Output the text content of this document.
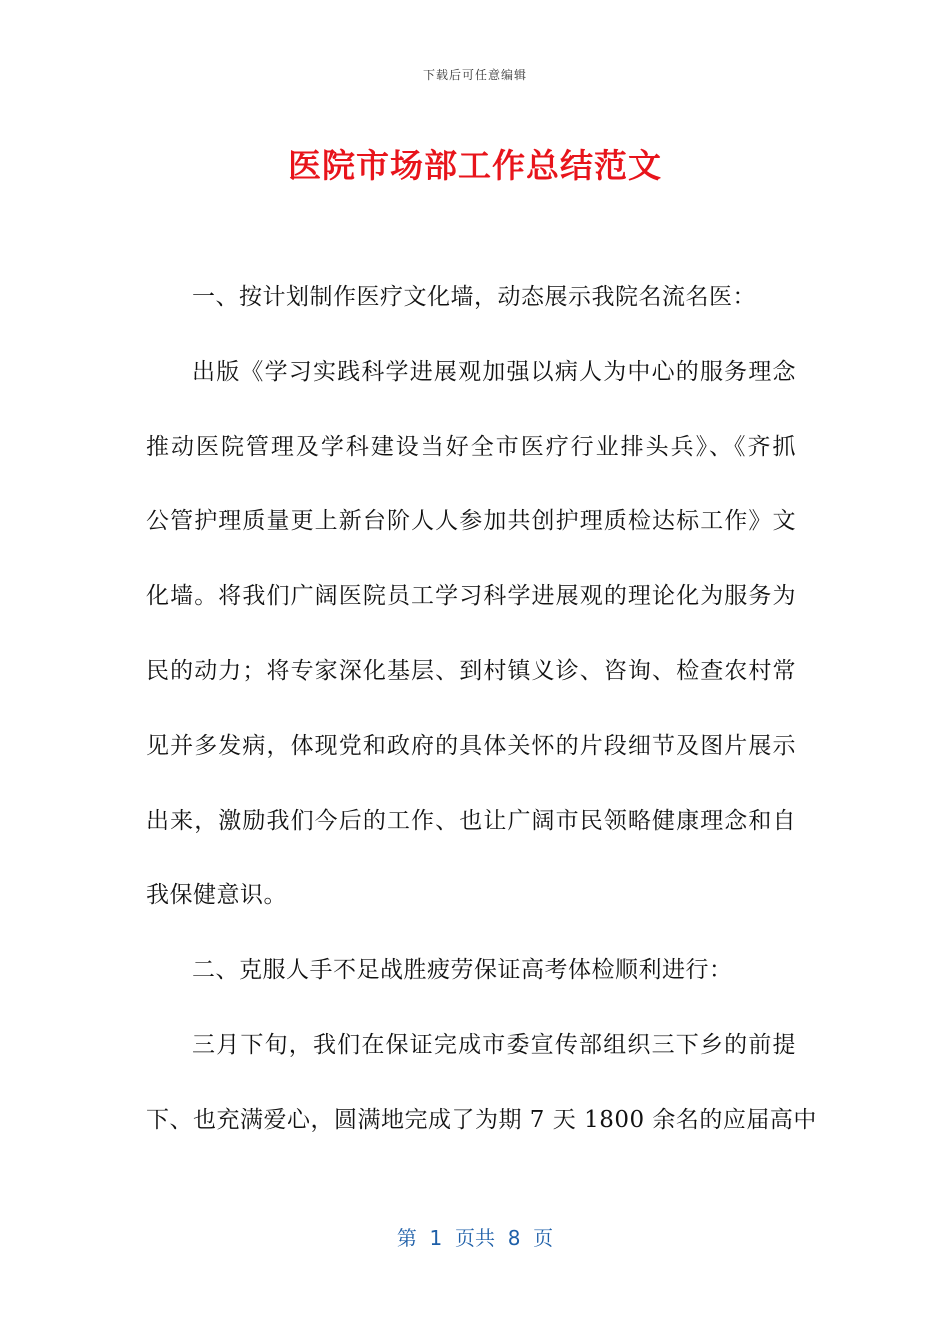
下载后可任意编辑
医院市场部工作总结范文
一、按计划制作医疗文化墙，动态展示我院名流名医：
出版《学习实践科学进展观加强以病人为中心的服务理念
推动医院管理及学科建设当好全市医疗行业排头兵》、《齐抓
公管护理质量更上新台阶人人参加共创护理质检达标工作》文
化墙。将我们广阔医院员工学习科学进展观的理论化为服务为
民的动力；将专家深化基层、到村镇义诊、咨询、检查农村常
见并多发病，体现党和政府的具体关怀的片段细节及图片展示
出来，激励我们今后的工作、也让广阔市民领略健康理念和自
我保健意识。
二、克服人手不足战胜疲劳保证高考体检顺利进行：
三月下旬，我们在保证完成市委宣传部组织三下乡的前提
下、也充满爱心，圆满地完成了为期 7 天 1800 余名的应届高中
第  1  页共  8  页
